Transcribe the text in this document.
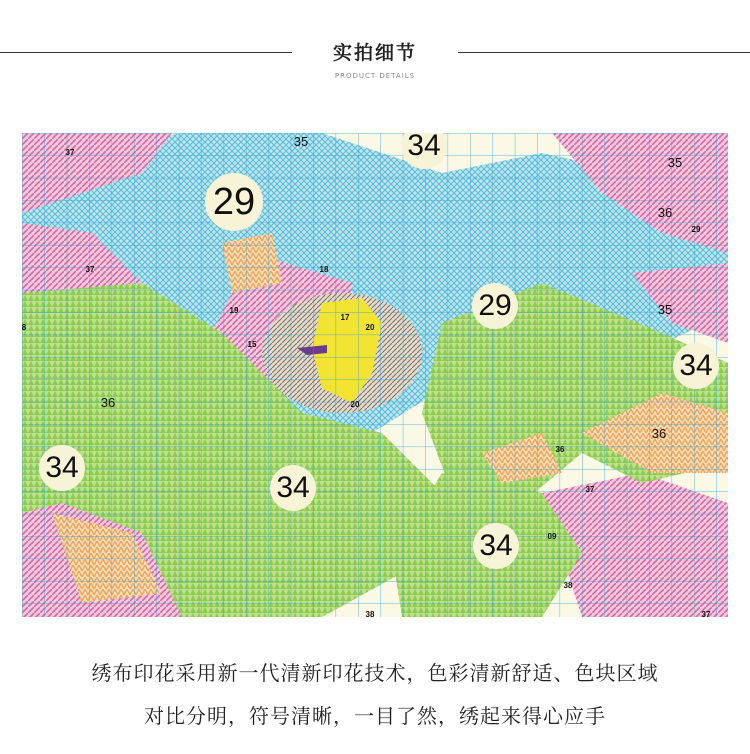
实拍细节
PRODUCT DETAILS
29
34
29
34
34
34
34
35
35
36
35
36
36
37
37
29
18
17
20
15
20
19
36
37
09
38
37
38
8
绣布印花采用新一代清新印花技术，色彩清新舒适、色块区域
对比分明，符号清晰，一目了然，绣起来得心应手
